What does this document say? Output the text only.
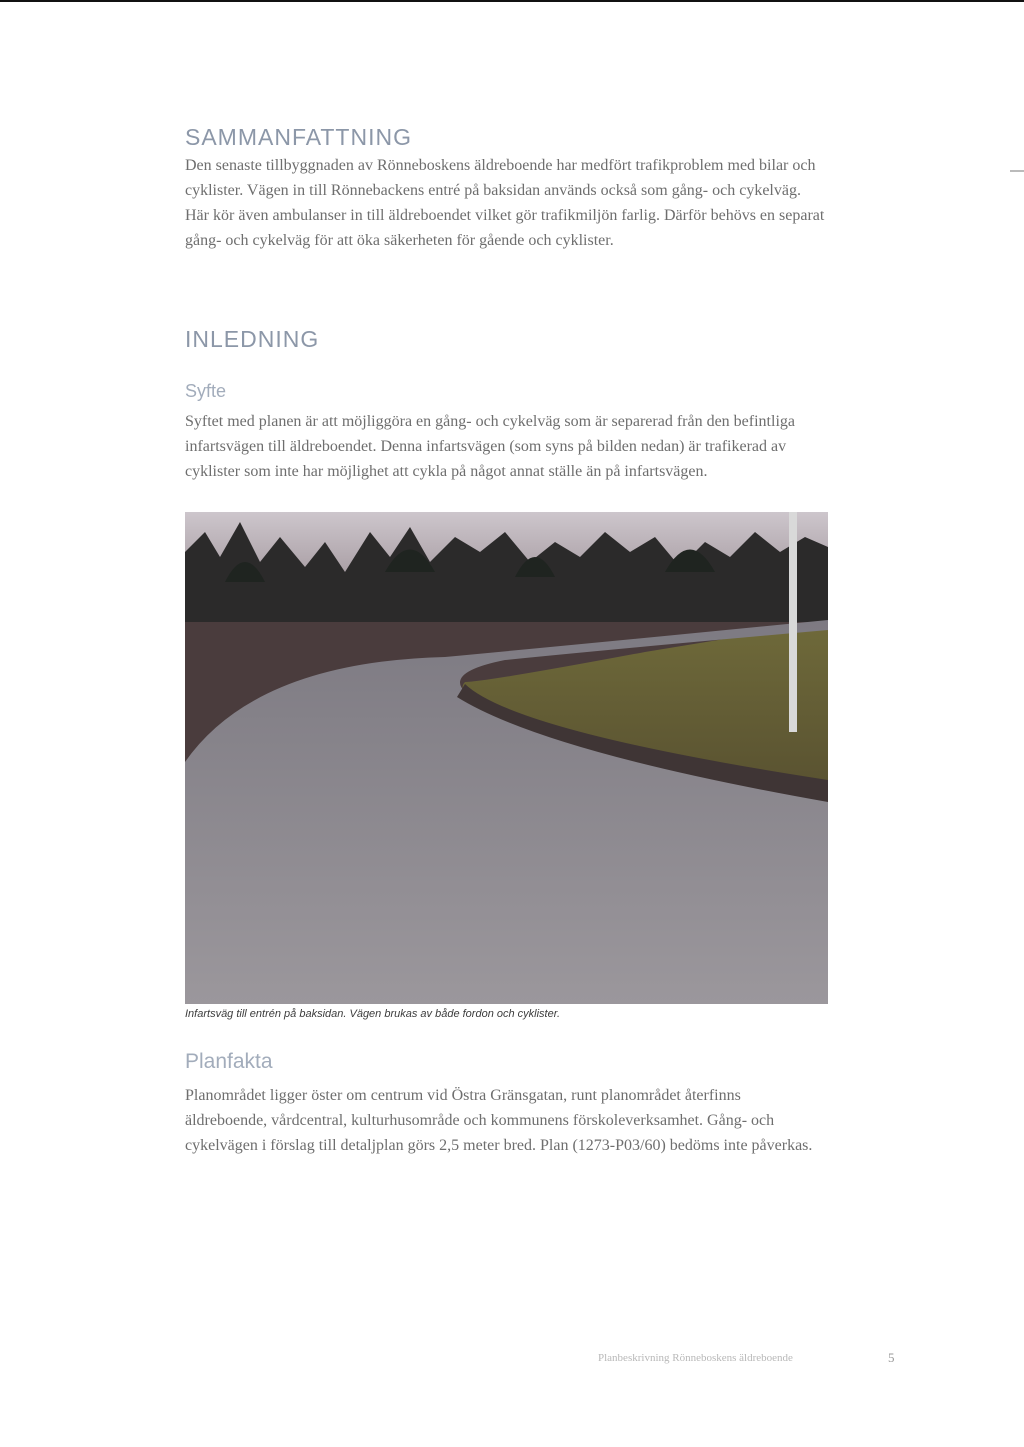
SAMMANFATTNING

Den senaste tillbyggnaden av Rönneboskens äldreboende har medfört trafikproblem med bilar och cyklister. Vägen in till Rönnebackens entré på baksidan används också som gång- och cykelväg. Här kör även ambulanser in till äldreboendet vilket gör trafikmiljön farlig. Därför behövs en separat gång- och cykelväg för att öka säkerheten för gående och cyklister.

INLEDNING
Syfte

Syftet med planen är att möjliggöra en gång- och cykelväg som är separerad från den befintliga infartsvägen till äldreboendet. Denna infartsvägen (som syns på bilden nedan) är trafikerad av cyklister som inte har möjlighet att cykla på något annat ställe än på infartsvägen.

Infartsväg till entrén på baksidan. Vägen brukas av både fordon och cyklister.

Planfakta

Planområdet ligger öster om centrum vid Östra Gränsgatan, runt planområdet återfinns äldreboende, vårdcentral, kulturhusområde och kommunens förskoleverksamhet. Gång- och cykelvägen i förslag till detaljplan görs 2,5 meter bred. Plan (1273-P03/60) bedöms inte påverkas.

Planbeskrivning Rönneboskens äldreboende	5
